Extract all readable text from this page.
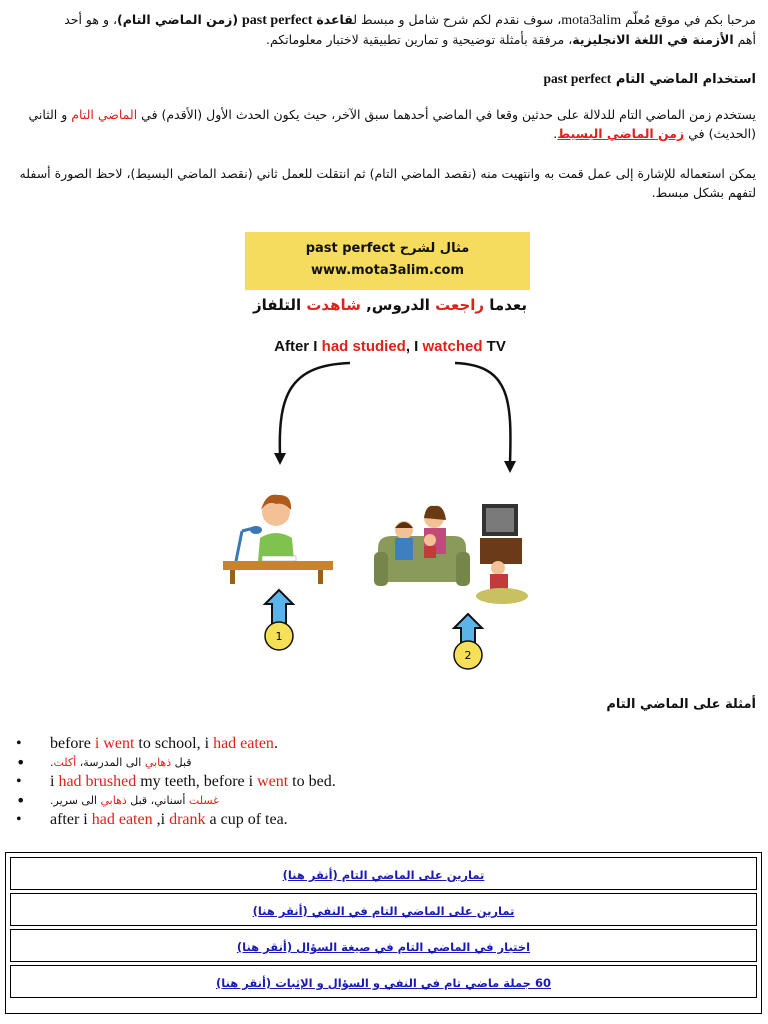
مرحبا بكم في موقع مُعلّم mota3alim، سوف نقدم لكم شرح شامل و مبسط لقاعدة past perfect (زمن الماضي التام)، و هو أحد
أهم الأزمنة في اللغة الانجليزية، مرفقة بأمثلة توضيحية و تمارين تطبيقية لاختبار معلوماتكم.
استخدام الماضي التام past perfect
يستخدم زمن الماضي التام للدلالة على حدثين وقعا في الماضي أحدهما سبق الآخر، حيث يكون الحدث الأول (الأقدم) في الماضي التام و الثاني
(الحديث) في زمن الماضي البسيط.
يمكن استعماله للإشارة إلى عمل قمت به وانتهيت منه (نقصد الماضي التام) ثم انتقلت للعمل ثاني (نقصد الماضي البسيط)، لاحظ الصورة أسفله
لتفهم بشكل مبسط.
مثال لشرح past perfect
www.mota3alim.com
بعدما راجعت الدروس, شاهدت التلفاز
After I had studied, I watched TV
1
2
أمثلة على الماضي التام
• before i went to school, i had eaten.
• قبل ذهابي الى المدرسة، أكلت.
• i had brushed my teeth, before i went to bed.
• غسلت أسناني، قبل ذهابي الى سرير.
• after i had eaten ,i drank a cup of tea.
تمارين على الماضي التام (أنقر هنا)
تمارين على الماضي التام في النفي (أنقر هنا)
اختبار في الماضي التام في صيغة السؤال (أنقر هنا)
60 جملة ماضي تام في النفي و السؤال و الإثبات (أنقر هنا)
